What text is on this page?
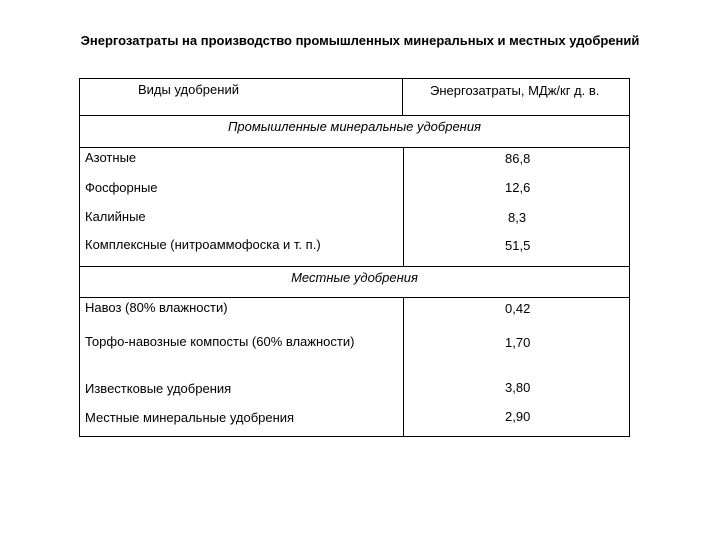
Энергозатраты на производство промышленных минеральных и местных удобрений
Виды удобрений	Энергозатраты, МДж/кг д. в.
Промышленные минеральные удобрения
Азотные	86,8
Фосфорные	12,6
Калийные	8,3
Комплексные (нитроаммофоска и т. п.)	51,5
Местные удобрения
Навоз (80% влажности)	0,42
Торфо-навозные компосты (60% влажности)	1,70
Известковые удобрения	3,80
Местные минеральные удобрения	2,90
